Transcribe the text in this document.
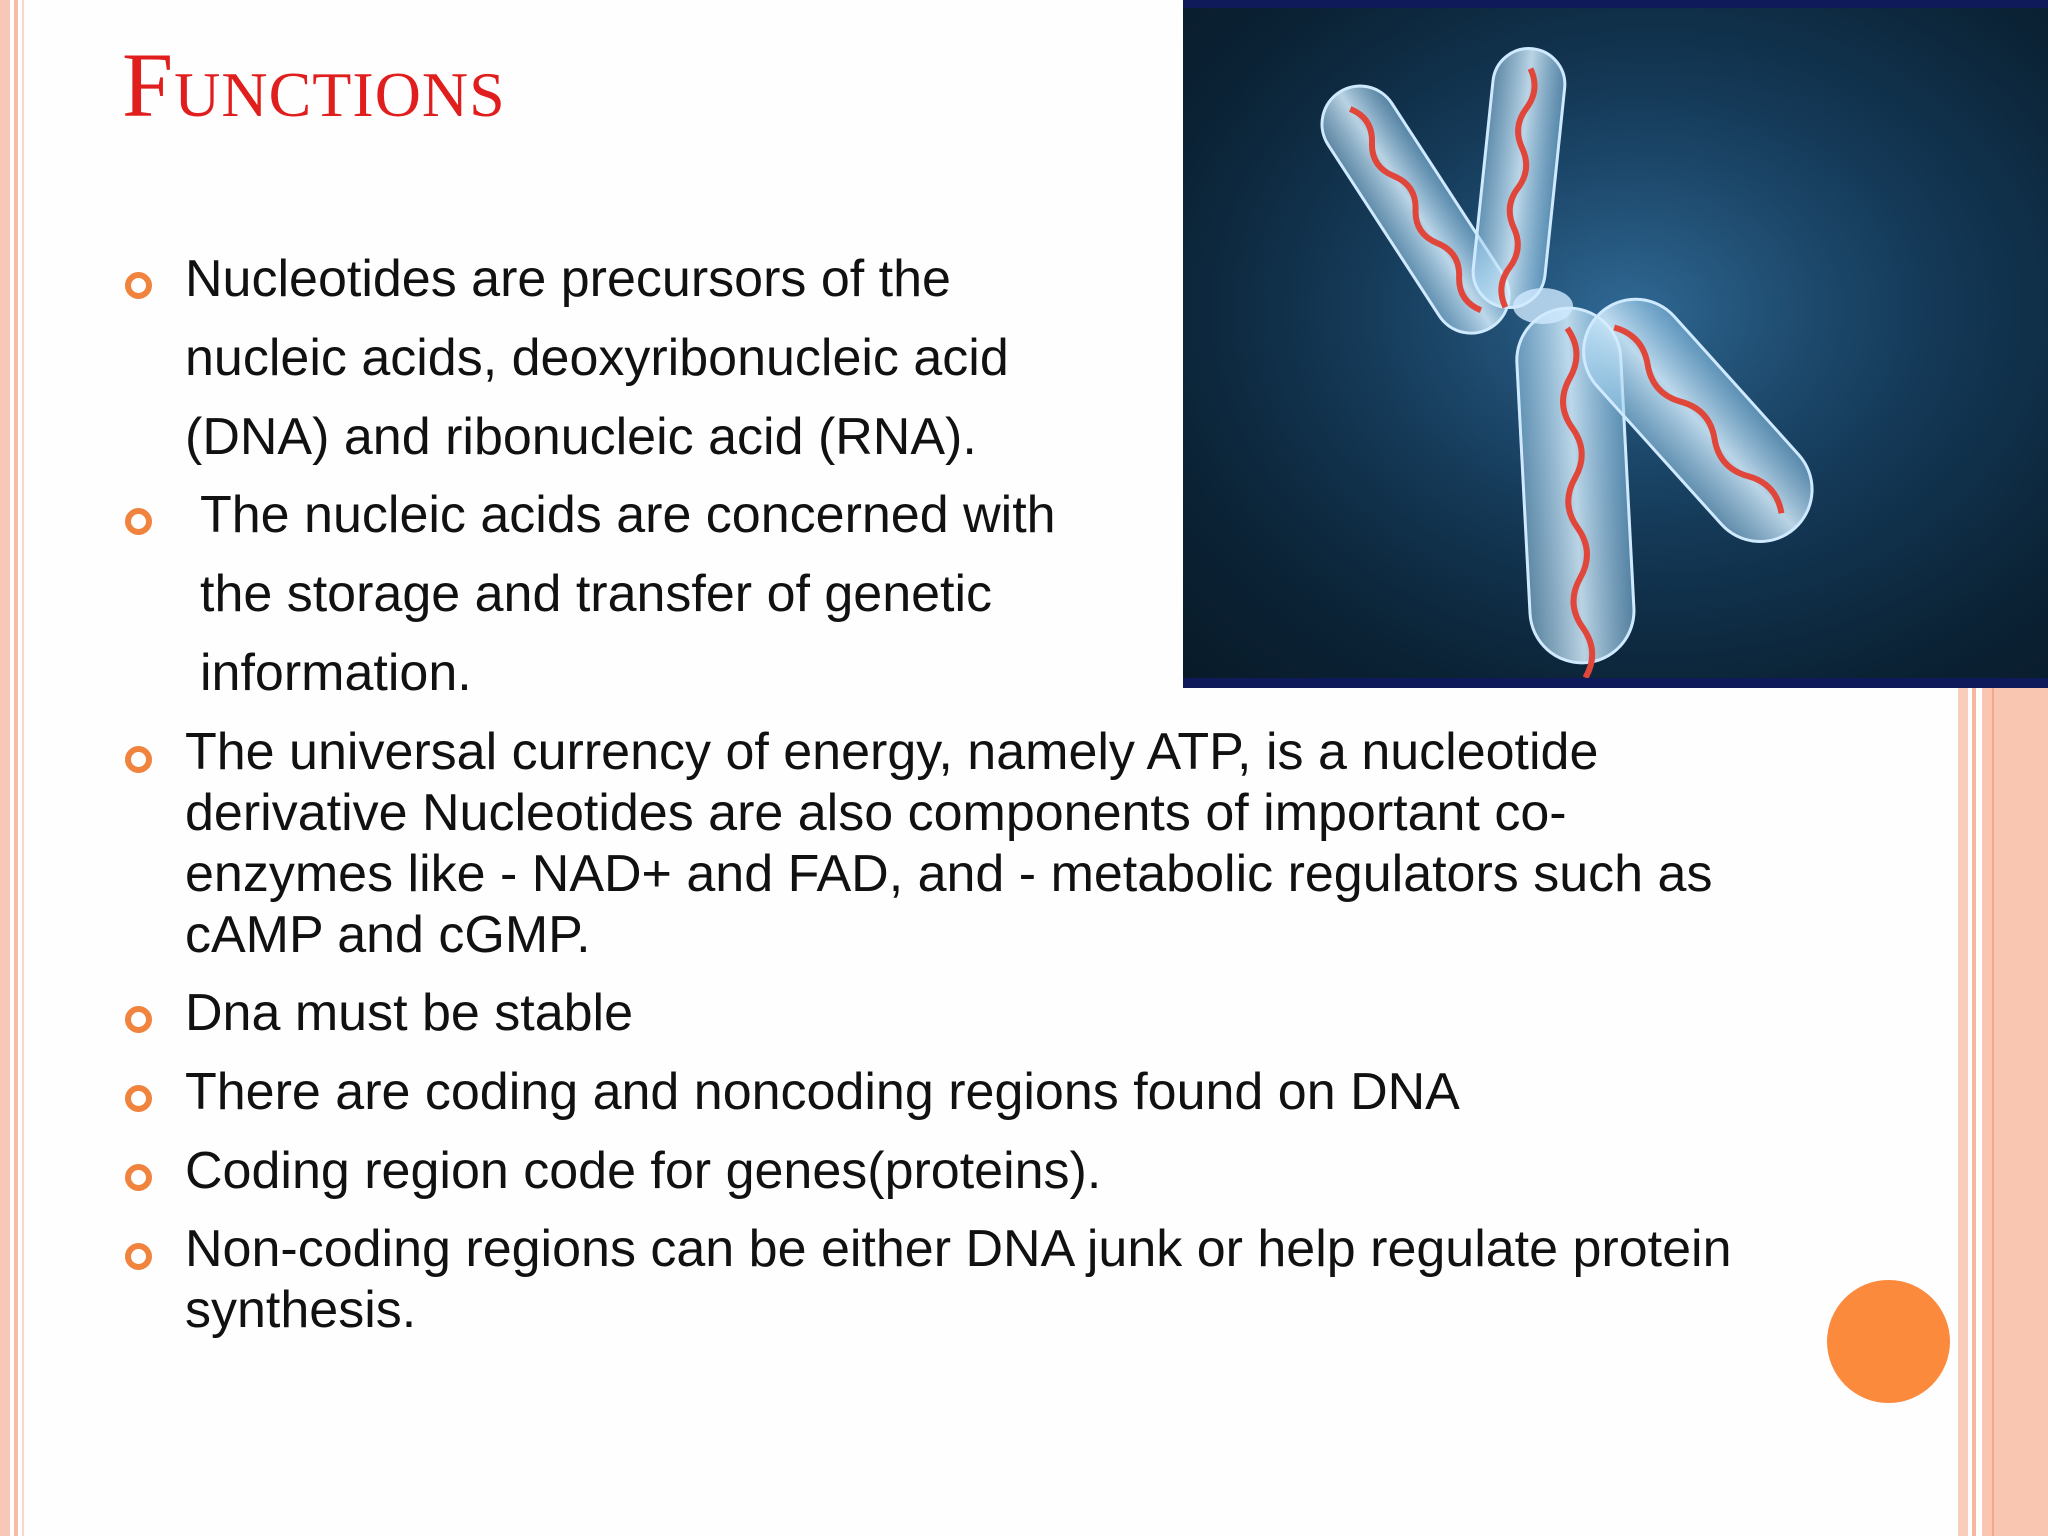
Functions
Nucleotides are precursors of the
nucleic acids, deoxyribonucleic acid
(DNA) and ribonucleic acid (RNA).
The nucleic acids are concerned with
the storage and transfer of genetic
information.
The universal currency of energy, namely ATP, is a nucleotide
derivative Nucleotides are also components of important co-
enzymes like - NAD+ and FAD, and - metabolic regulators such as
cAMP and cGMP.
Dna must be stable
There are coding and noncoding regions found on DNA
Coding region code for genes(proteins).
Non-coding regions can be either DNA junk or help regulate protein
synthesis.
